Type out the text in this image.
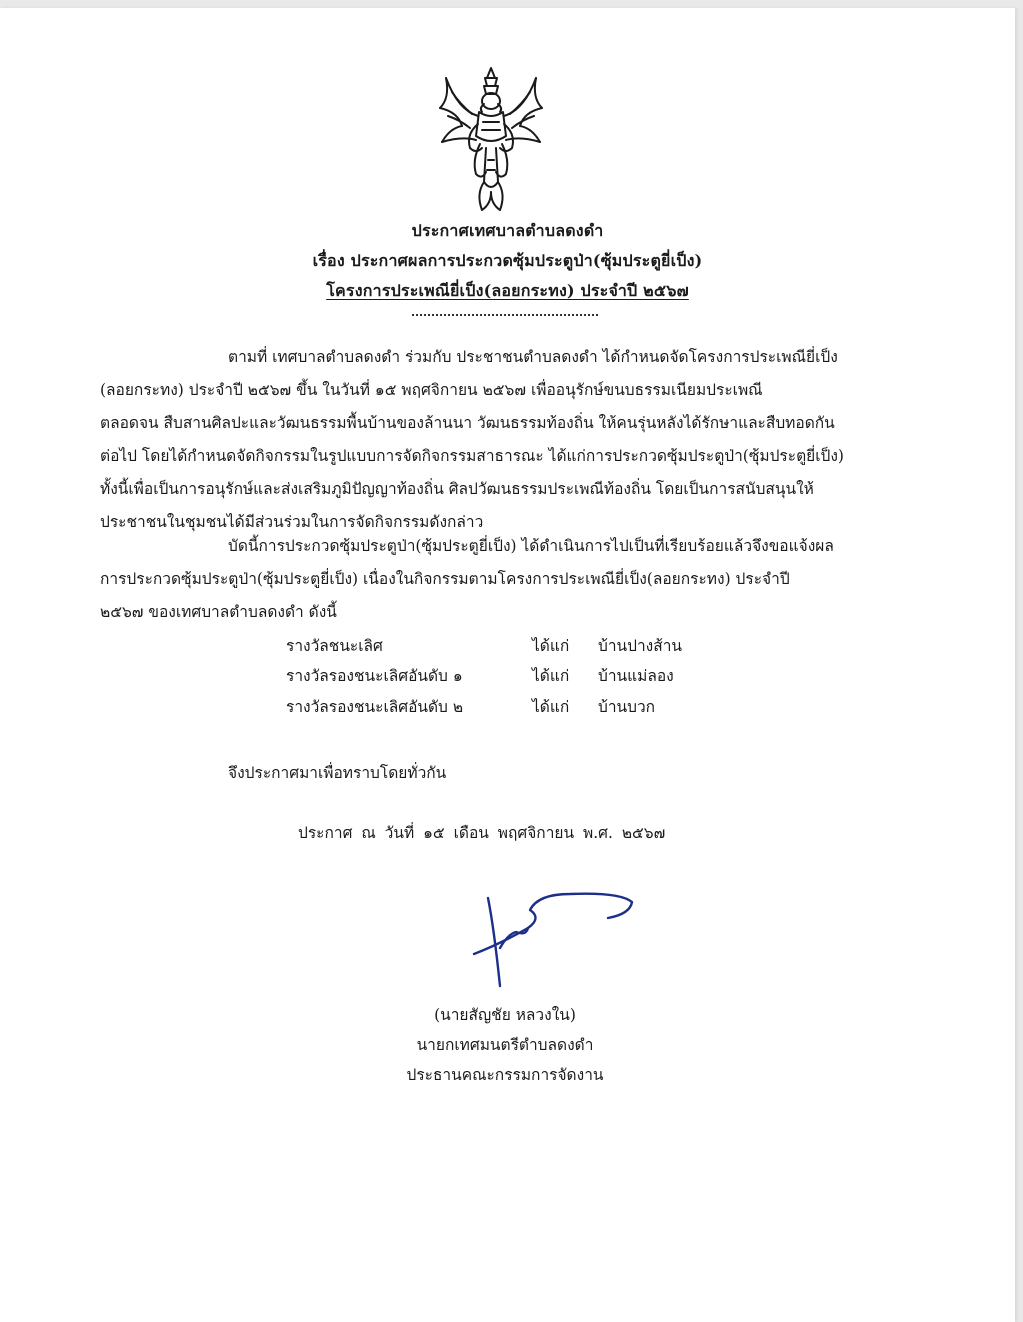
ประกาศเทศบาลตำบลดงดำ
เรื่อง ประกาศผลการประกวดซุ้มประตูป่า(ซุ้มประตูยี่เป็ง)
โครงการประเพณียี่เป็ง(ลอยกระทง) ประจำปี ๒๕๖๗
ตามที่ เทศบาลตำบลดงดำ ร่วมกับ ประชาชนตำบลดงดำ ได้กำหนดจัดโครงการประเพณียี่เป็ง
(ลอยกระทง) ประจำปี ๒๕๖๗ ขึ้น ในวันที่ ๑๕ พฤศจิกายน ๒๕๖๗ เพื่ออนุรักษ์ขนบธรรมเนียมประเพณี
ตลอดจน สืบสานศิลปะและวัฒนธรรมพื้นบ้านของล้านนา วัฒนธรรมท้องถิ่น ให้คนรุ่นหลังได้รักษาและสืบทอดกัน
ต่อไป โดยได้กำหนดจัดกิจกรรมในรูปแบบการจัดกิจกรรมสาธารณะ ได้แก่การประกวดซุ้มประตูป่า(ซุ้มประตูยี่เป็ง)
ทั้งนี้เพื่อเป็นการอนุรักษ์และส่งเสริมภูมิปัญญาท้องถิ่น ศิลปวัฒนธรรมประเพณีท้องถิ่น โดยเป็นการสนับสนุนให้
ประชาชนในชุมชนได้มีส่วนร่วมในการจัดกิจกรรมดังกล่าว
บัดนี้การประกวดซุ้มประตูป่า(ซุ้มประตูยี่เป็ง) ได้ดำเนินการไปเป็นที่เรียบร้อยแล้วจึงขอแจ้งผล
การประกวดซุ้มประตูป่า(ซุ้มประตูยี่เป็ง) เนื่องในกิจกรรมตามโครงการประเพณียี่เป็ง(ลอยกระทง) ประจำปี
๒๕๖๗ ของเทศบาลตำบลดงดำ ดังนี้
รางวัลชนะเลิศ	ได้แก่ บ้านปางส้าน
รางวัลรองชนะเลิศอันดับ ๑	ได้แก่ บ้านแม่ลอง
รางวัลรองชนะเลิศอันดับ ๒	ได้แก่ บ้านบวก
จึงประกาศมาเพื่อทราบโดยทั่วกัน
ประกาศ ณ วันที่ ๑๕ เดือน พฤศจิกายน พ.ศ. ๒๕๖๗
(นายสัญชัย หลวงใน)
นายกเทศมนตรีตำบลดงดำ
ประธานคณะกรรมการจัดงาน
